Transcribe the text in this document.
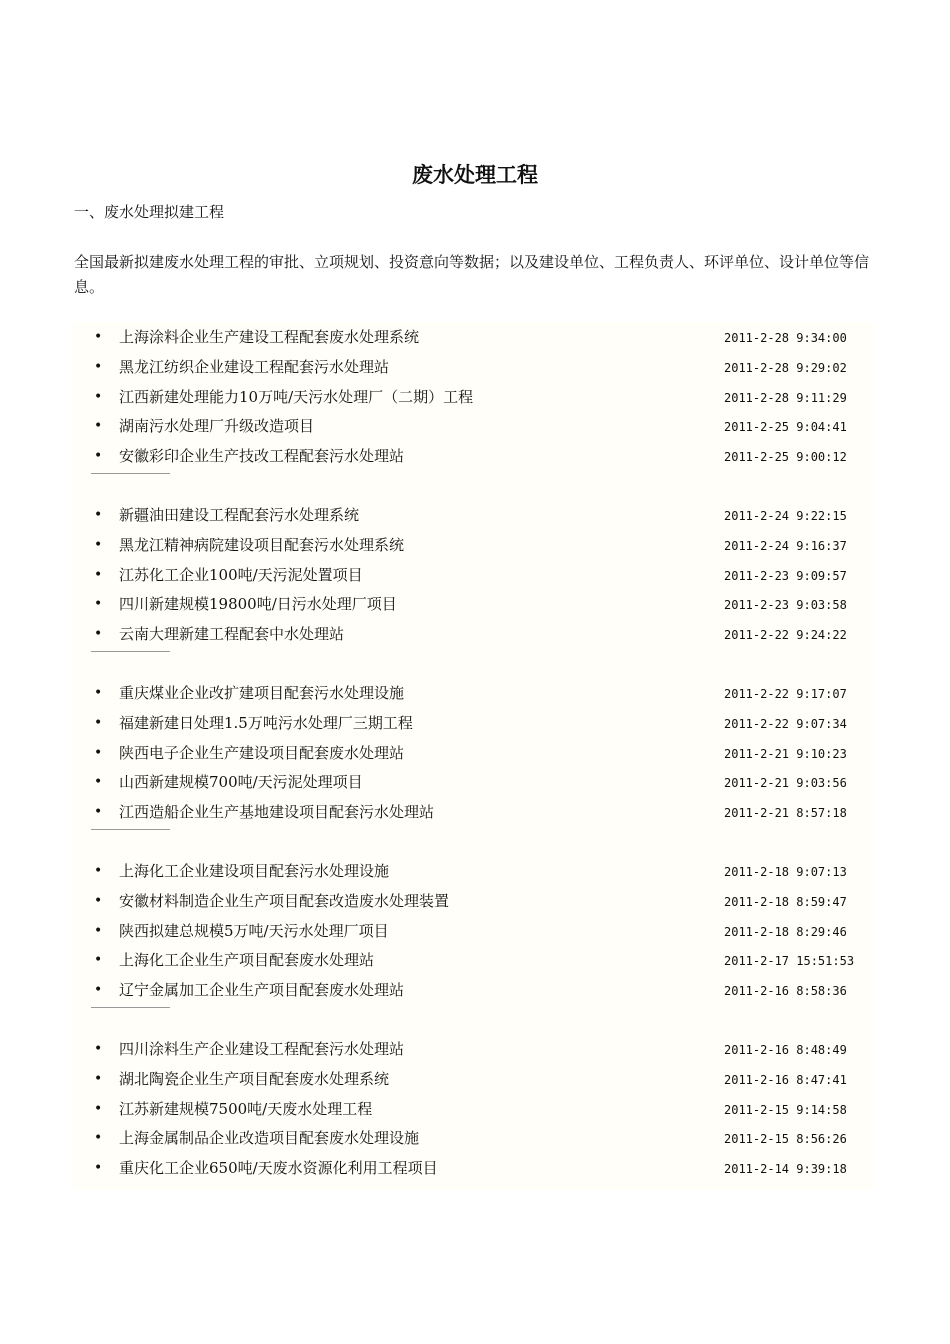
废水处理工程
一、废水处理拟建工程
全国最新拟建废水处理工程的审批、立项规划、投资意向等数据；以及建设单位、工程负责人、环评单位、设计单位等信息。
• 上海涂料企业生产建设工程配套废水处理系统	2011-2-28 9:34:00
• 黑龙江纺织企业建设工程配套污水处理站	2011-2-28 9:29:02
• 江西新建处理能力10万吨/天污水处理厂（二期）工程	2011-2-28 9:11:29
• 湖南污水处理厂升级改造项目	2011-2-25 9:04:41
• 安徽彩印企业生产技改工程配套污水处理站	2011-2-25 9:00:12
• 新疆油田建设工程配套污水处理系统	2011-2-24 9:22:15
• 黑龙江精神病院建设项目配套污水处理系统	2011-2-24 9:16:37
• 江苏化工企业100吨/天污泥处置项目	2011-2-23 9:09:57
• 四川新建规模19800吨/日污水处理厂项目	2011-2-23 9:03:58
• 云南大理新建工程配套中水处理站	2011-2-22 9:24:22
• 重庆煤业企业改扩建项目配套污水处理设施	2011-2-22 9:17:07
• 福建新建日处理1.5万吨污水处理厂三期工程	2011-2-22 9:07:34
• 陕西电子企业生产建设项目配套废水处理站	2011-2-21 9:10:23
• 山西新建规模700吨/天污泥处理项目	2011-2-21 9:03:56
• 江西造船企业生产基地建设项目配套污水处理站	2011-2-21 8:57:18
• 上海化工企业建设项目配套污水处理设施	2011-2-18 9:07:13
• 安徽材料制造企业生产项目配套改造废水处理装置	2011-2-18 8:59:47
• 陕西拟建总规模5万吨/天污水处理厂项目	2011-2-18 8:29:46
• 上海化工企业生产项目配套废水处理站	2011-2-17 15:51:53
• 辽宁金属加工企业生产项目配套废水处理站	2011-2-16 8:58:36
• 四川涂料生产企业建设工程配套污水处理站	2011-2-16 8:48:49
• 湖北陶瓷企业生产项目配套废水处理系统	2011-2-16 8:47:41
• 江苏新建规模7500吨/天废水处理工程	2011-2-15 9:14:58
• 上海金属制品企业改造项目配套废水处理设施	2011-2-15 8:56:26
• 重庆化工企业650吨/天废水资源化利用工程项目	2011-2-14 9:39:18
